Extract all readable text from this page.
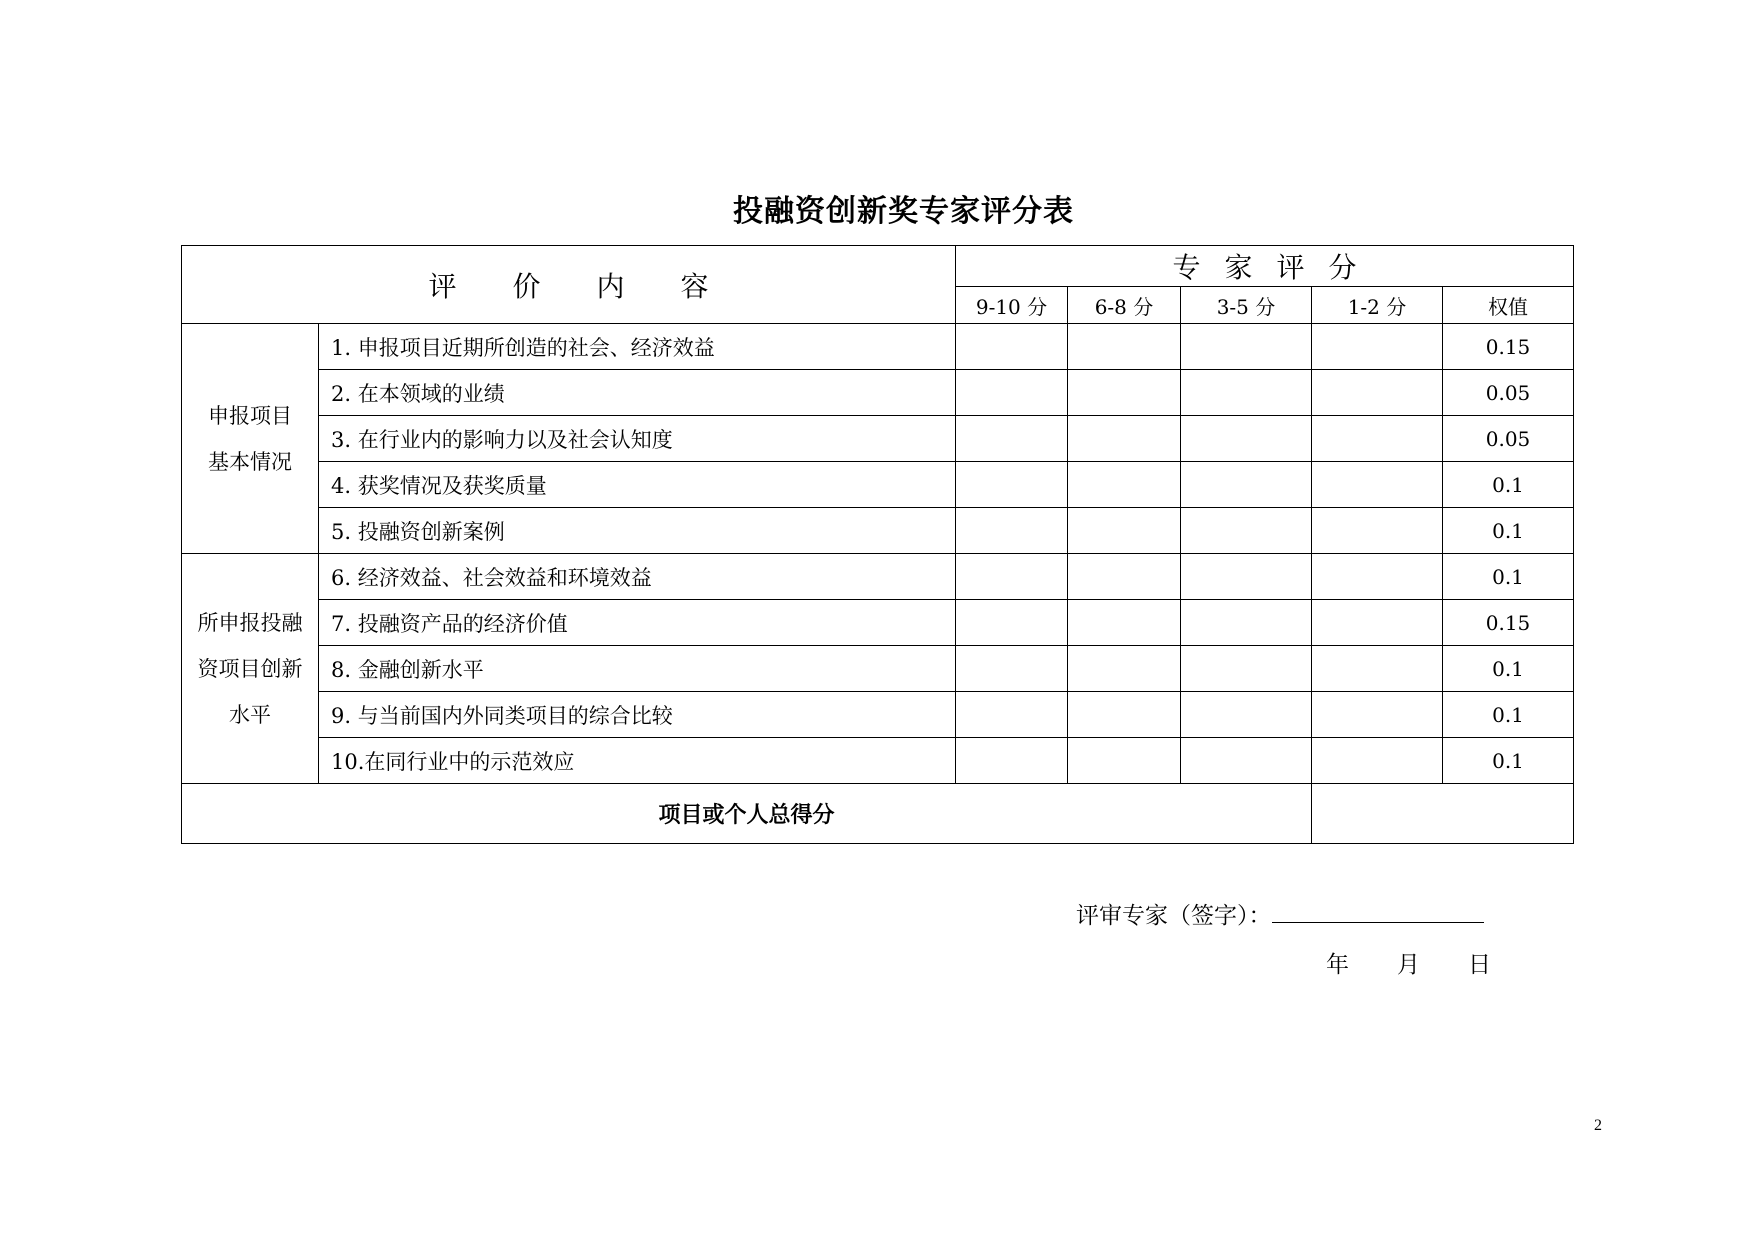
投融资创新奖专家评分表
评 价 内 容		专 家 评 分				
		9-10 分	6-8 分	3-5 分	1-2 分	权值

申报项目
基本情况	1. 申报项目近期所创造的社会、经济效益					0.15
	2. 在本领域的业绩					0.05
	3. 在行业内的影响力以及社会认知度					0.05
	4. 获奖情况及获奖质量					0.1
	5. 投融资创新案例					0.1

所申报投融
资项目创新
水平	6. 经济效益、社会效益和环境效益					0.1
	7. 投融资产品的经济价值					0.15
	8. 金融创新水平					0.1
	9. 与当前国内外同类项目的综合比较					0.1
	10.在同行业中的示范效应					0.1
项目或个人总得分						
评审专家（签字）：
年 月 日
2
